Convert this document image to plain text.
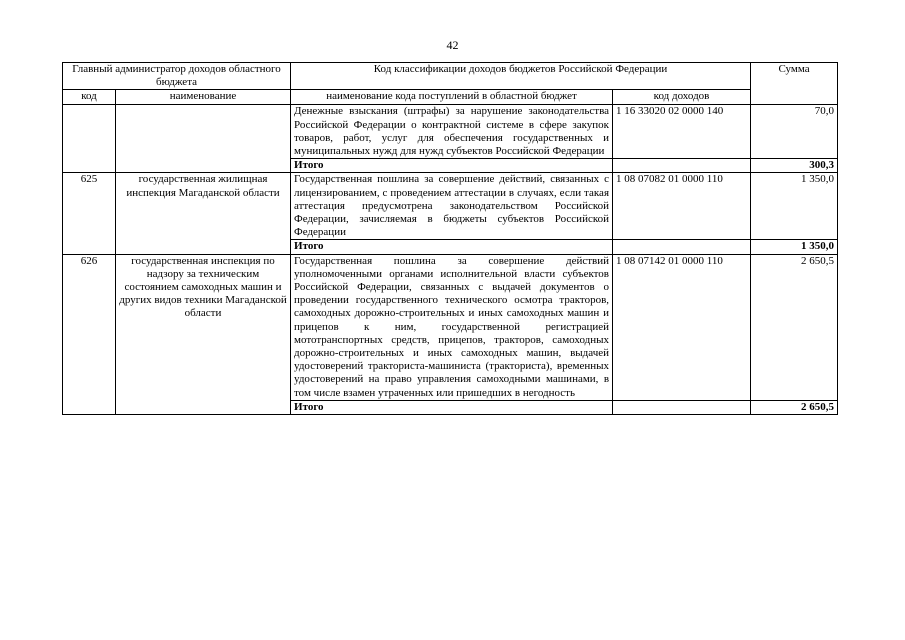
42
Главный администратор доходов областного бюджета		Код классификации доходов бюджетов Российской Федерации		Сумма
код	наименование	наименование кода поступлений в областной бюджет	код доходов	
		Денежные взыскания (штрафы) за нарушение законодательства Российской Федерации о контрактной системе в сфере закупок товаров, работ, услуг для обеспечения государственных и муниципальных нужд для нужд субъектов Российской Федерации	1 16 33020 02 0000 140	70,0
		Итого		300,3
625	государственная жилищная инспекция Магаданской области	Государственная пошлина за совершение действий, связанных с лицензированием, с проведением аттестации в случаях, если такая аттестация предусмотрена законодательством Российской Федерации, зачисляемая в бюджеты субъектов Российской Федерации	1 08 07082 01 0000 110	1 350,0
		Итого		1 350,0
626	государственная инспекция по надзору за техническим состоянием самоходных машин и других видов техники Магаданской области	Государственная пошлина за совершение действий уполномоченными органами исполнительной власти субъектов Российской Федерации, связанных с выдачей документов о проведении государственного технического осмотра тракторов, самоходных дорожно-строительных и иных самоходных машин и прицепов к ним, государственной регистрацией мототранспортных средств, прицепов, тракторов, самоходных дорожно-строительных и иных самоходных машин, выдачей удостоверений тракториста-машиниста (тракториста), временных удостоверений на право управления самоходными машинами, в том числе взамен утраченных или пришедших в негодность	1 08 07142 01 0000 110	2 650,5
		Итого		2 650,5
